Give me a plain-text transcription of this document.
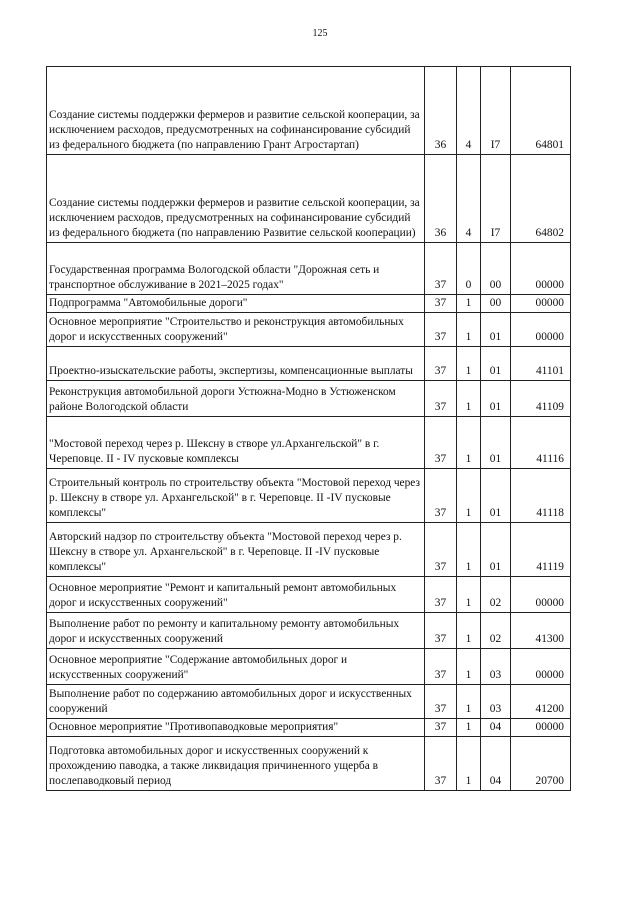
125
Создание системы поддержки фермеров и развитие сельской кооперации, за исключением расходов, предусмотренных на софинансирование субсидий из федерального бюджета (по направлению Грант Агростартап)	36	4	I7	64801
Создание системы поддержки фермеров и развитие сельской кооперации, за исключением расходов, предусмотренных на софинансирование субсидий из федерального бюджета (по направлению Развитие сельской кооперации)	36	4	I7	64802
Государственная программа Вологодской области "Дорожная сеть и транспортное обслуживание в 2021–2025 годах"	37	0	00	00000
Подпрограмма "Автомобильные дороги"	37	1	00	00000
Основное мероприятие "Строительство и реконструкция автомобильных дорог и искусственных сооружений"	37	1	01	00000
Проектно-изыскательские работы, экспертизы, компенсационные выплаты	37	1	01	41101
Реконструкция автомобильной дороги Устюжна-Модно в Устюженском районе Вологодской области	37	1	01	41109
"Мостовой переход через р. Шексну в створе ул.Архангельской" в г. Череповце. II - IV пусковые комплексы	37	1	01	41116
Строительный контроль по строительству объекта "Мостовой переход через р. Шексну в створе ул. Архангельской" в г. Череповце. II -IV пусковые комплексы"	37	1	01	41118
Авторский надзор по строительству объекта "Мостовой переход через р. Шексну в створе ул. Архангельской" в г. Череповце. II -IV пусковые комплексы"	37	1	01	41119
Основное мероприятие "Ремонт и капитальный ремонт автомобильных дорог и искусственных сооружений"	37	1	02	00000
Выполнение работ по ремонту и капитальному ремонту автомобильных дорог и искусственных сооружений	37	1	02	41300
Основное мероприятие "Содержание автомобильных дорог и искусственных сооружений"	37	1	03	00000
Выполнение работ по содержанию автомобильных дорог и искусственных сооружений	37	1	03	41200
Основное мероприятие "Противопаводковые мероприятия"	37	1	04	00000
Подготовка автомобильных дорог и искусственных сооружений к прохождению паводка, а также ликвидация причиненного ущерба в послепаводковый период	37	1	04	20700
